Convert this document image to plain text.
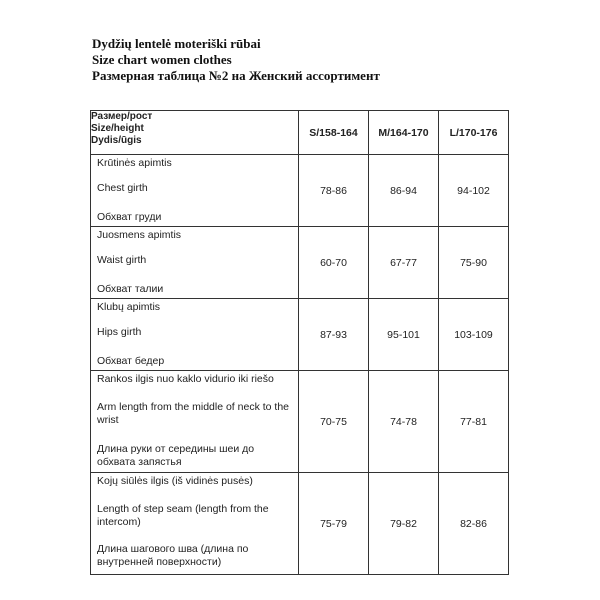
Dydžių lentelė moteriški rūbai
Size chart women clothes
Размерная таблица №2 на Женский ассортимент
Размер/рост
Size/height
Dydis/ūgis	S/158-164	M/164-170	L/170-176

Krūtinės apimtis
Chest girth
Обхват груди	78-86	86-94	94-102

Juosmens apimtis
Waist girth
Обхват талии	60-70	67-77	75-90

Klubų apimtis
Hips girth
Обхват бедер	87-93	95-101	103-109

Rankos ilgis nuo kaklo vidurio iki riešo
Arm length from the middle of neck to the wrist
Длина руки от середины шеи до обхвата запястья	70-75	74-78	77-81

Kojų siūlės ilgis (iš vidinės pusės)
Length of step seam (length from the intercom)
Длина шагового шва (длина по внутренней поверхности)	75-79	79-82	82-86
